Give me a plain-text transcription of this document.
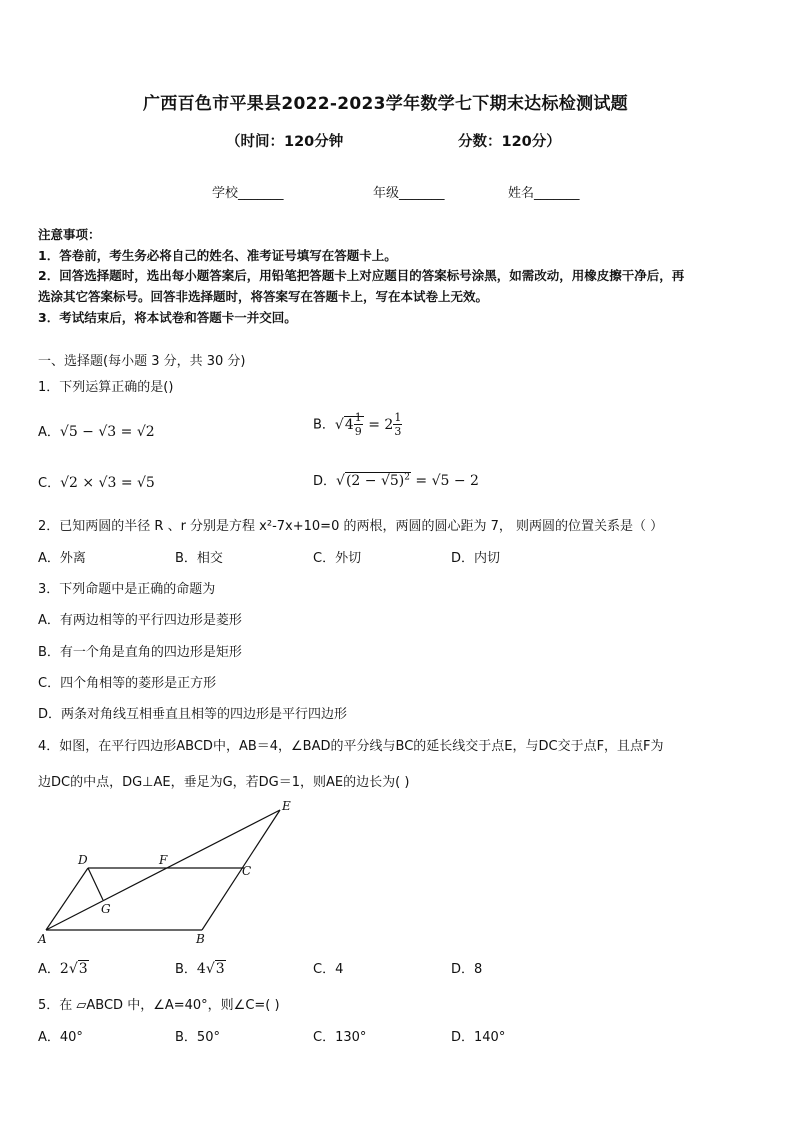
广西百色市平果县2022-2023学年数学七下期末达标检测试题
（时间：120分钟	分数：120分）
学校_______	年级_______	姓名_______
注意事项：
1．答卷前，考生务必将自己的姓名、准考证号填写在答题卡上。
2．回答选择题时，选出每小题答案后，用铅笔把答题卡上对应题目的答案标号涂黑，如需改动，用橡皮擦干净后，再
选涂其它答案标号。回答非选择题时，将答案写在答题卡上，写在本试卷上无效。
3．考试结束后，将本试卷和答题卡一并交回。
一、选择题(每小题 3 分，共 30 分)
1．下列运算正确的是()
A．√5 − √3 = √2	B．$√4 \frac{1}{9} = 2 \frac{1}{3}$
C．√2 × √3 = √5	D．$√(2 - √5)^2 = √5 - 2$
2．已知两圆的半径 R 、r 分别是方程 x²-7x+10=0 的两根，两圆的圆心距为 7， 则两圆的位置关系是（ ）
A．外离	B．相交	C．外切	D．内切
3．下列命题中是正确的命题为
A．有两边相等的平行四边形是菱形
B．有一个角是直角的四边形是矩形
C．四个角相等的菱形是正方形
D．两条对角线互相垂直且相等的四边形是平行四边形
4．如图，在平行四边形ABCD中，AB＝4，∠BAD的平分线与BC的延长线交于点E，与DC交于点F，且点F为
边DC的中点，DG⊥AE，垂足为G，若DG＝1，则AE的边长为( )
A	B
C
D
E
F
G
A．2√3	B．4√3	C．4	D．8
5．在 ▱ABCD 中，∠A=40°，则∠C=( )
A．40°	B．50°	C．130°	D．140°
